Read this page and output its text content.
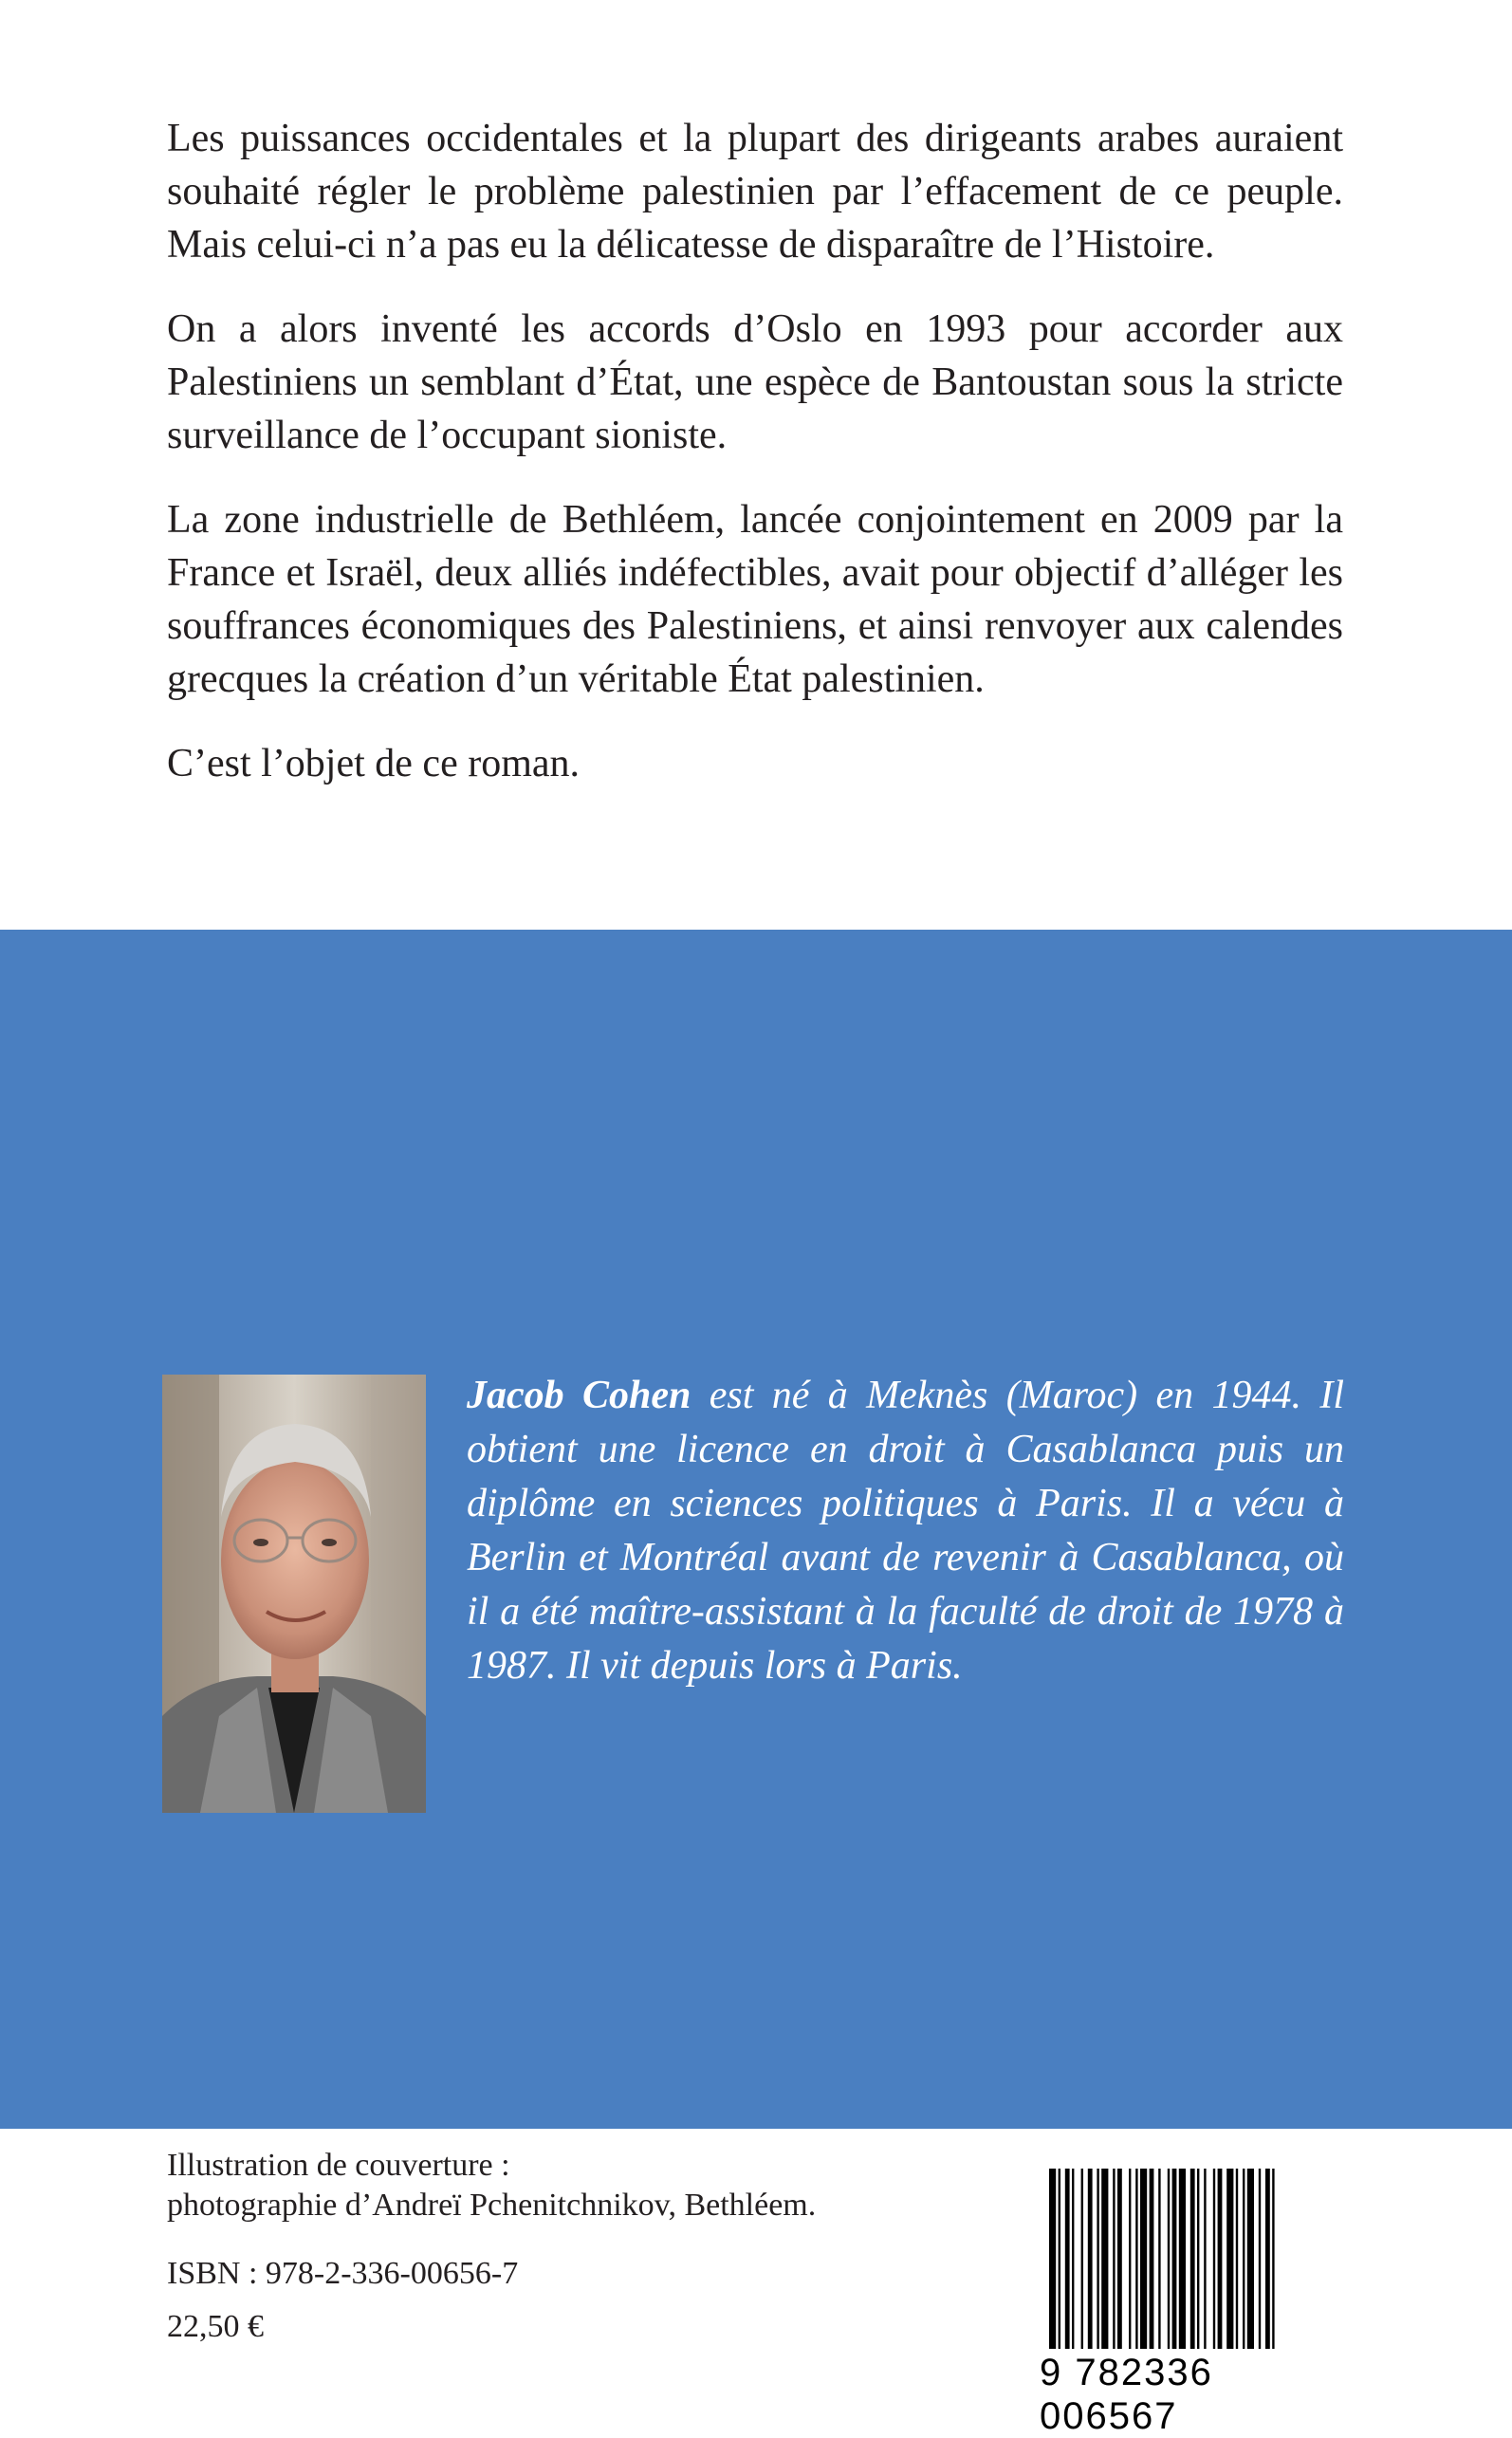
Les puissances occidentales et la plupart des dirigeants arabes auraient souhaité régler le problème palestinien par l’effacement de ce peuple. Mais celui-ci n’a pas eu la délicatesse de disparaître de l’Histoire.

On a alors inventé les accords d’Oslo en 1993 pour accorder aux Palestiniens un semblant d’État, une espèce de Bantoustan sous la stricte surveillance de l’occupant sioniste.

La zone industrielle de Bethléem, lancée conjointement en 2009 par la France et Israël, deux alliés indéfectibles, avait pour objectif d’alléger les souffrances économiques des Palestiniens, et ainsi renvoyer aux calendes grecques la création d’un véritable État palestinien.

C’est l’objet de ce roman.

Jacob Cohen est né à Meknès (Maroc) en 1944. Il obtient une licence en droit à Casablanca puis un diplôme en sciences politiques à Paris. Il a vécu à Berlin et Montréal avant de revenir à Casablanca, où il a été maître-assistant à la faculté de droit de 1978 à 1987. Il vit depuis lors à Paris.

Illustration de couverture :
photographie d’Andreï Pchenitchnikov, Bethléem.
ISBN : 978-2-336-00656-7
22,50 €
9 782336 006567
